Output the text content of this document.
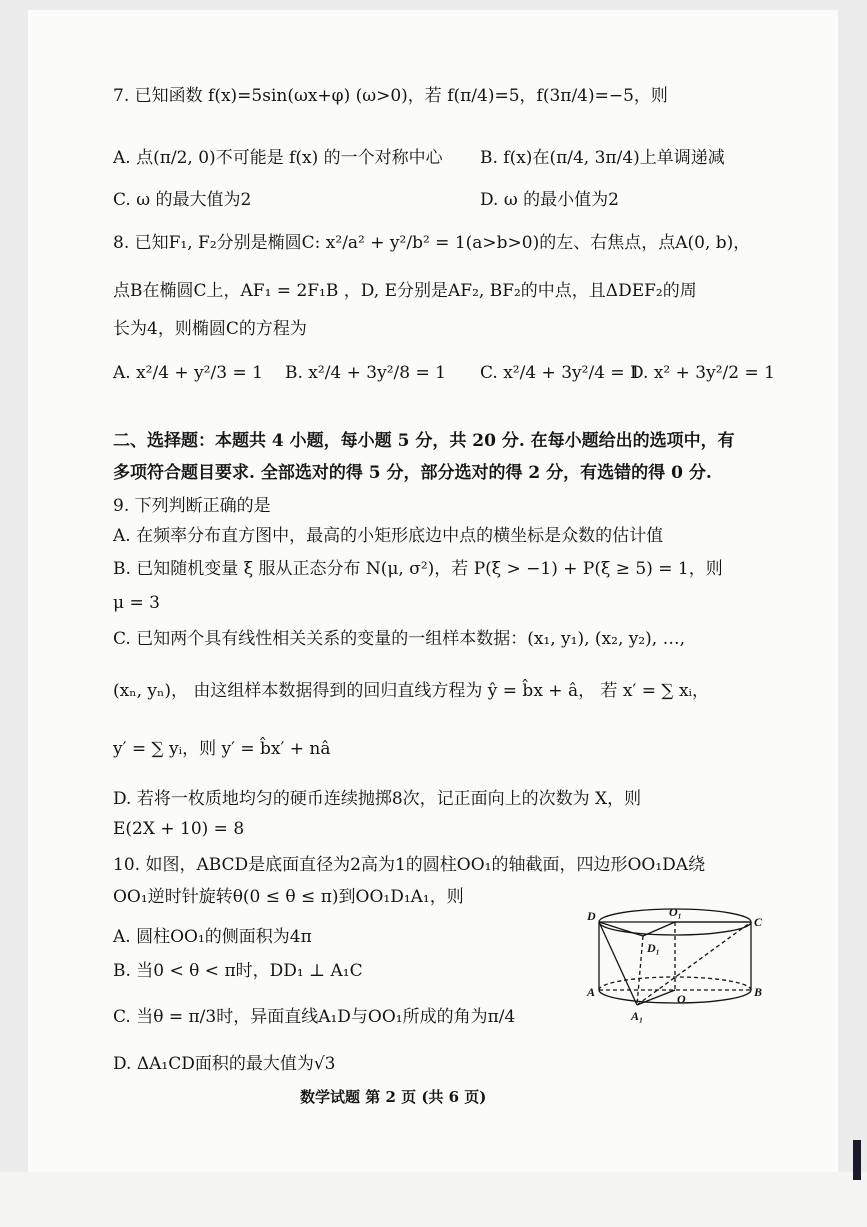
7. 已知函数 f(x)=5sin(ωx+φ) (ω>0)，若 f(π/4)=5，f(3π/4)=−5，则
A. 点(π/2, 0)不可能是 f(x) 的一个对称中心 B. f(x)在(π/4, 3π/4)上单调递减
C. ω 的最大值为2	D. ω 的最小值为2
8. 已知F₁, F₂分别是椭圆C: x²/a² + y²/b² = 1(a>b>0)的左、右焦点，点A(0, b)，
点B在椭圆C上，AF₁ = 2F₁B ，D, E分别是AF₂, BF₂的中点，且ΔDEF₂的周
长为4，则椭圆C的方程为
A. x²/4 + y²/3 = 1 B. x²/4 + 3y²/8 = 1 C. x²/4 + 3y²/4 = 1
D. x² + 3y²/2 = 1
二、选择题：本题共 4 小题，每小题 5 分，共 20 分. 在每小题给出的选项中，有
多项符合题目要求. 全部选对的得 5 分，部分选对的得 2 分，有选错的得 0 分.
9. 下列判断正确的是
A. 在频率分布直方图中，最高的小矩形底边中点的横坐标是众数的估计值
B. 已知随机变量 ξ 服从正态分布 N(μ, σ²)，若 P(ξ > −1) + P(ξ ≥ 5) = 1，则
μ = 3
C. 已知两个具有线性相关关系的变量的一组样本数据：(x₁, y₁), (x₂, y₂), …,
(xₙ, yₙ)， 由这组样本数据得到的回归直线方程为 ŷ = b̂x + â， 若 x′ = ∑ xᵢ，
y′ = ∑ yᵢ，则 y′ = b̂x′ + nâ
D. 若将一枚质地均匀的硬币连续抛掷8次，记正面向上的次数为 X，则
E(2X + 10) = 8
10. 如图，ABCD是底面直径为2高为1的圆柱OO₁的轴截面，四边形OO₁DA绕
OO₁逆时针旋转θ(0 ≤ θ ≤ π)到OO₁D₁A₁，则
A. 圆柱OO₁的侧面积为4π
B. 当0 < θ < π时，DD₁ ⊥ A₁C
C. 当θ = π/3时，异面直线A₁D与OO₁所成的角为π/4
D. ΔA₁CD面积的最大值为√3
D	O₁
C
D₁
A	O	B
A₁
数学试题 第 2 页 (共 6 页)
